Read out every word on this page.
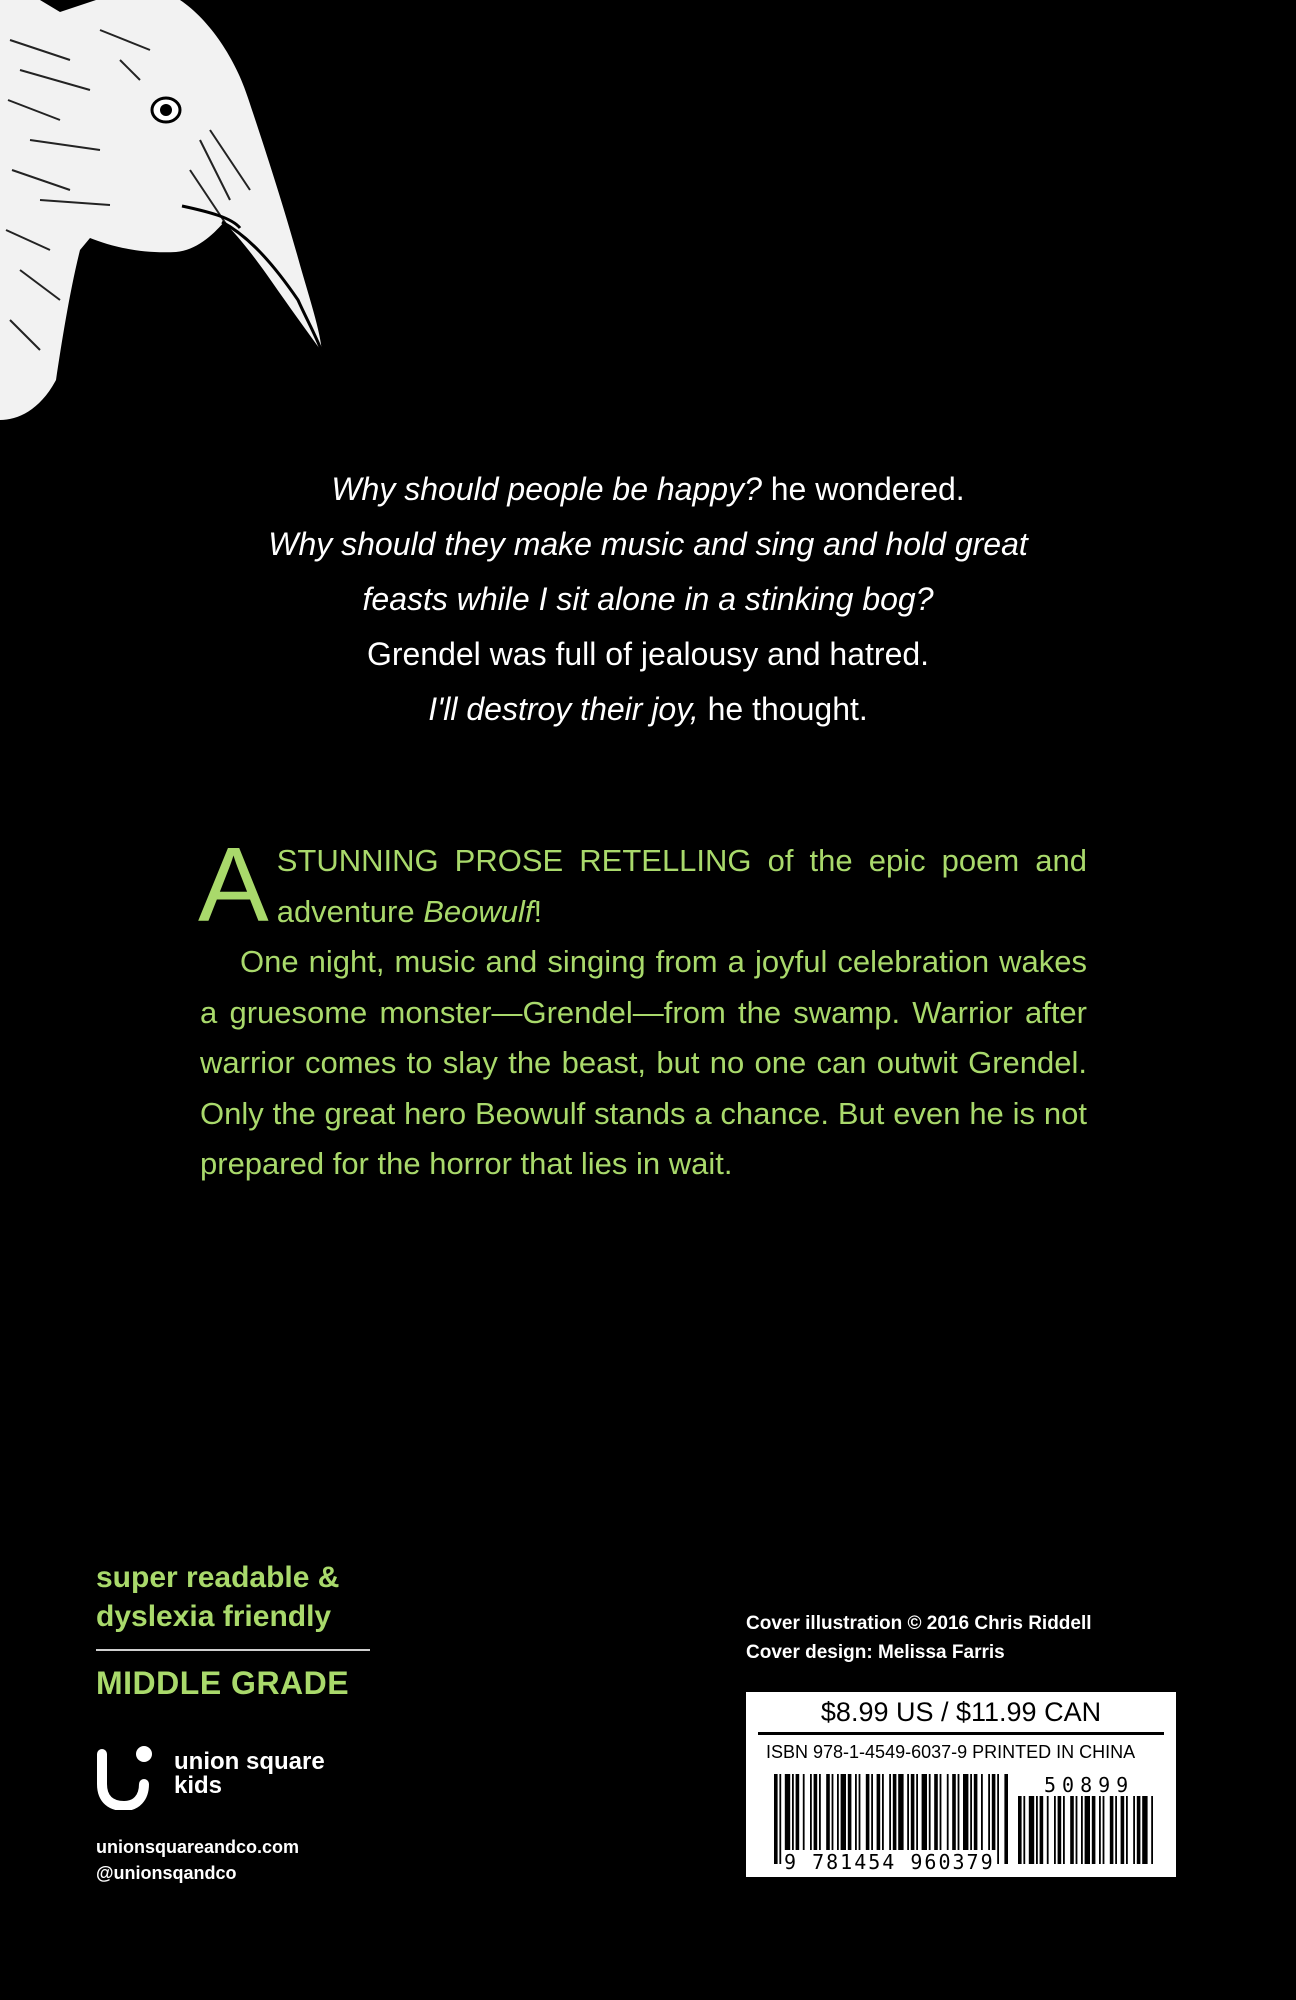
Why should people be happy? he wondered.
Why should they make music and sing and hold great
feasts while I sit alone in a stinking bog?
Grendel was full of jealousy and hatred.
I'll destroy their joy, he thought.
A STUNNING PROSE RETELLING of the epic poem and adventure Beowulf!

One night, music and singing from a joyful celebration wakes a gruesome monster—Grendel—from the swamp. Warrior after warrior comes to slay the beast, but no one can outwit Grendel. Only the great hero Beowulf stands a chance. But even he is not prepared for the horror that lies in wait.

super readable &
dyslexia friendly
MIDDLE GRADE
union square
kids
unionsquareandco.com
@unionsqandco
Cover illustration © 2016 Chris Riddell
Cover design: Melissa Farris
$8.99 US / $11.99 CAN
ISBN 978-1-4549-6037-9 PRINTED IN CHINA
50899
9 781454 960379
